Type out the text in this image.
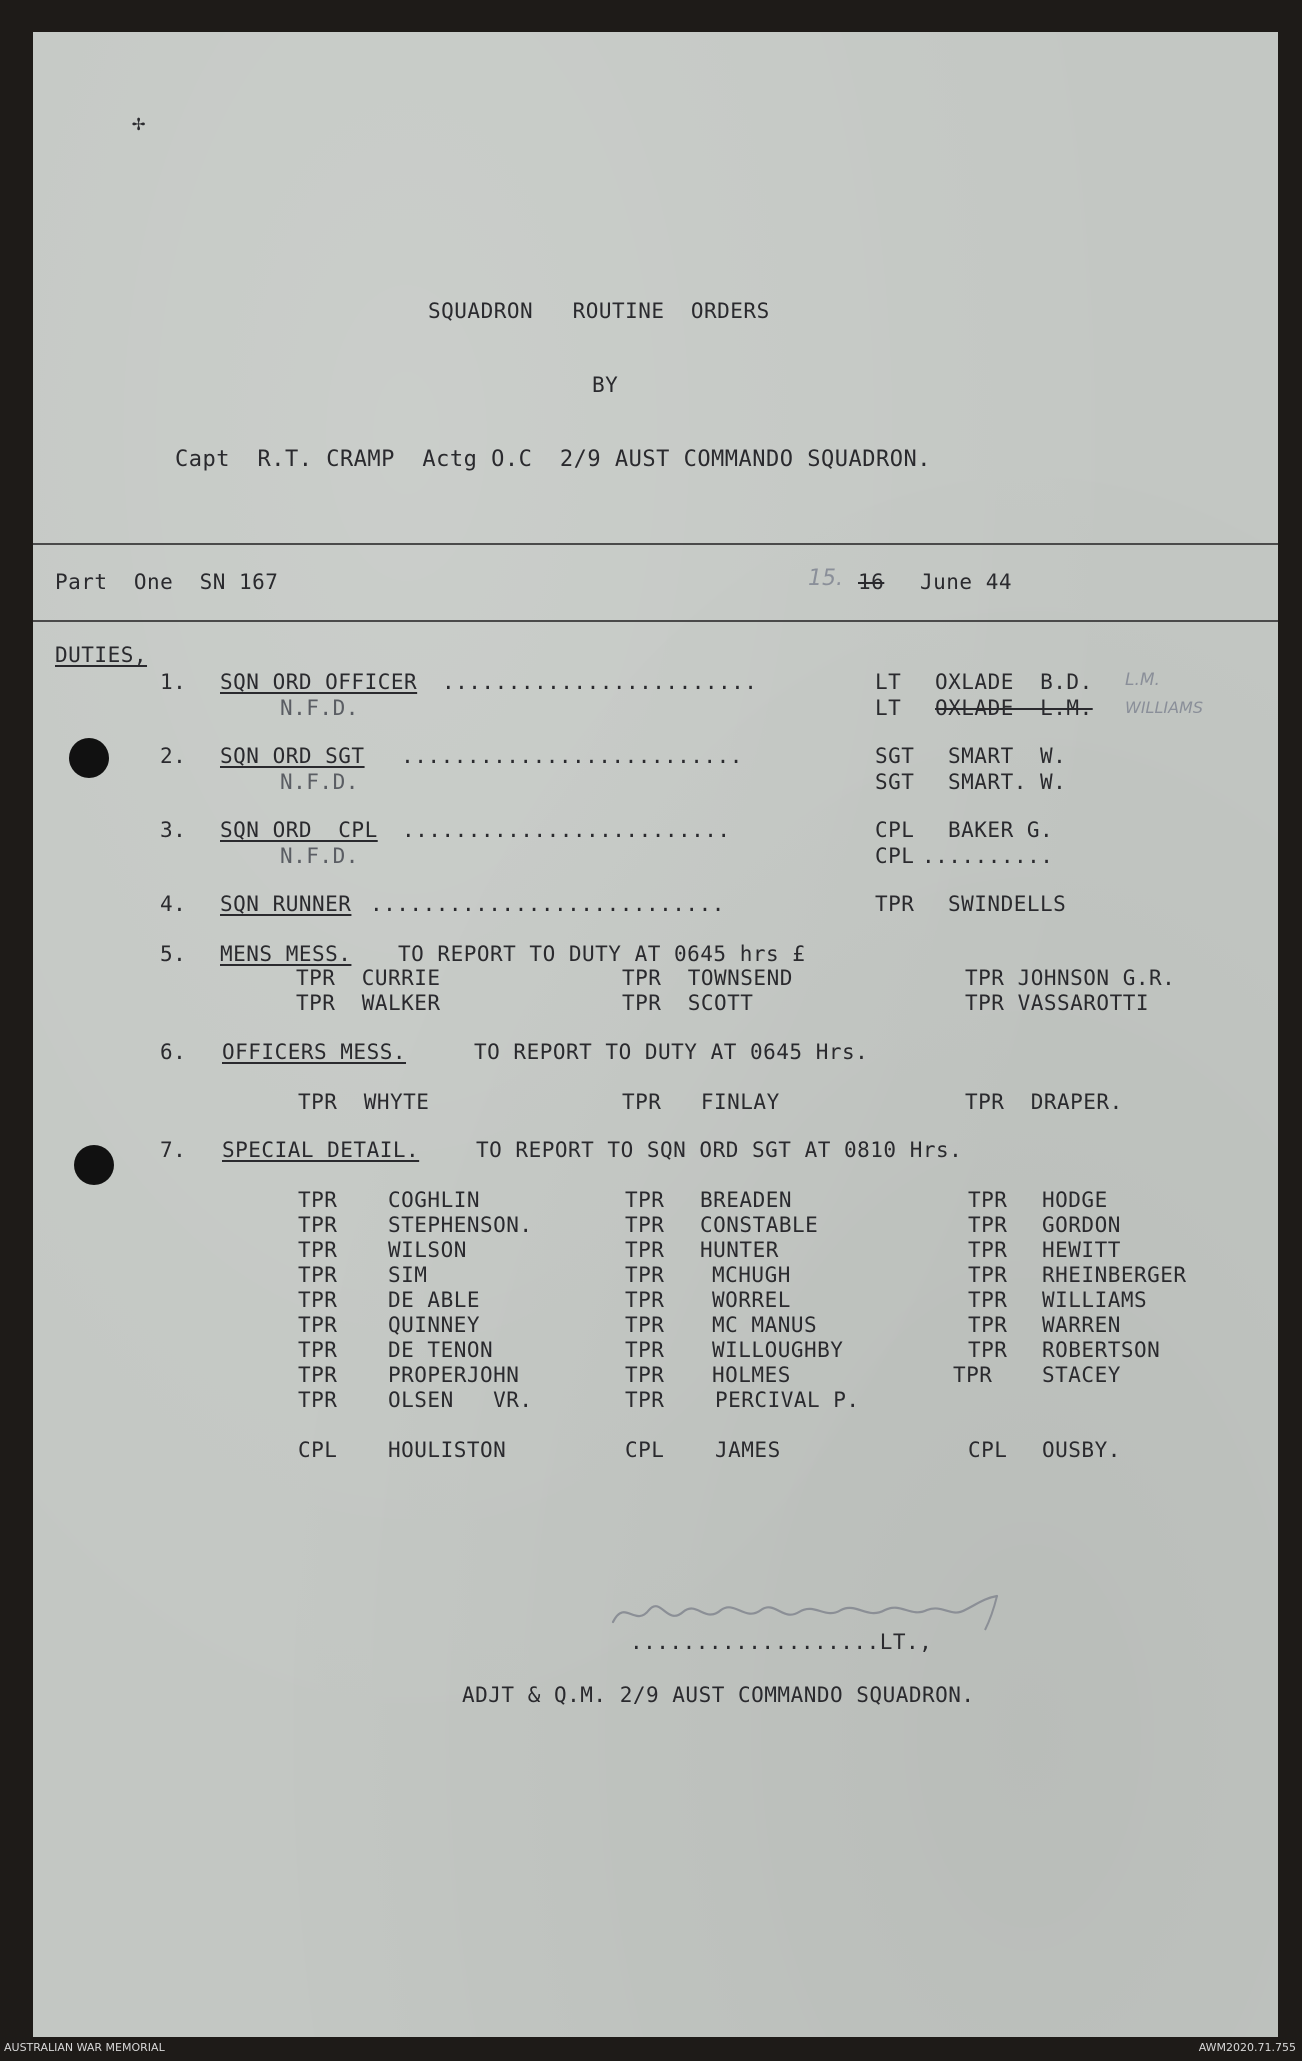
✢
SQUADRON   ROUTINE  ORDERS
BY
Capt  R.T. CRAMP  Actg O.C  2/9 AUST COMMANDO SQUADRON.
Part  One  SN 167	15. 16 June 44
DUTIES,
1. SQN ORD OFFICER ........................	LT OXLADE  B.D. L.M.
N.F.D.	LT OXLADE  L.M. WILLIAMS
2. SQN ORD SGT ..........................	SGT SMART  W.
N.F.D.	SGT SMART. W.
3. SQN ORD  CPL .........................	CPL BAKER G.
N.F.D.	CPL ..........
4. SQN RUNNER ...........................	TPR SWINDELLS
5. MENS MESS. TO REPORT TO DUTY AT 0645 hrs £
TPR  CURRIE	TPR  TOWNSEND	TPR JOHNSON G.R.
TPR  WALKER	TPR  SCOTT	TPR VASSAROTTI
6. OFFICERS MESS.	TO REPORT TO DUTY AT 0645 Hrs.
TPR  WHYTE	TPR   FINLAY	TPR  DRAPER.
7. SPECIAL DETAIL.	TO REPORT TO SQN ORD SGT AT 0810 Hrs.
TPR COGHLIN	TPR BREADEN	TPR HODGE
TPR STEPHENSON.	TPR CONSTABLE	TPR GORDON
TPR WILSON	TPR HUNTER	TPR HEWITT
TPR SIM	TPR MCHUGH	TPR RHEINBERGER
TPR DE ABLE	TPR WORREL	TPR WILLIAMS
TPR QUINNEY	TPR MC MANUS	TPR WARREN
TPR DE TENON	TPR WILLOUGHBY	TPR ROBERTSON
TPR PROPERJOHN	TPR HOLMES	TPR STACEY
TPR OLSEN   VR.	TPR PERCIVAL P.
CPL HOULISTON	CPL JAMES	CPL OUSBY.
...................LT.,
ADJT & Q.M. 2/9 AUST COMMANDO SQUADRON.
AUSTRALIAN WAR MEMORIAL	AWM2020.71.755
